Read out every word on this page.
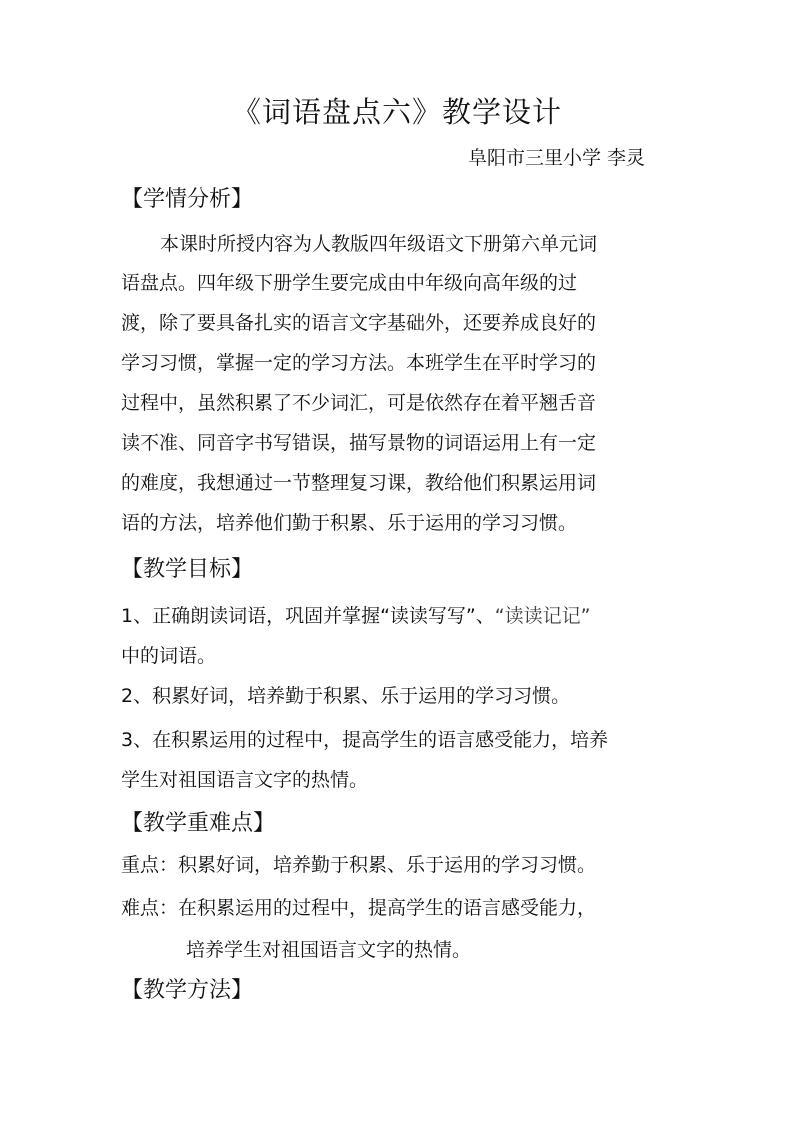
《词语盘点六》教学设计
阜阳市三里小学 李灵
【学情分析】
本课时所授内容为人教版四年级语文下册第六单元词
语盘点。四年级下册学生要完成由中年级向高年级的过
渡，除了要具备扎实的语言文字基础外，还要养成良好的
学习习惯，掌握一定的学习方法。本班学生在平时学习的
过程中，虽然积累了不少词汇，可是依然存在着平翘舌音
读不准、同音字书写错误，描写景物的词语运用上有一定
的难度，我想通过一节整理复习课，教给他们积累运用词
语的方法，培养他们勤于积累、乐于运用的学习习惯。
【教学目标】
1、正确朗读词语，巩固并掌握“读读写写”、“读读记记”
中的词语。
2、积累好词，培养勤于积累、乐于运用的学习习惯。
3、在积累运用的过程中，提高学生的语言感受能力，培养
学生对祖国语言文字的热情。
【教学重难点】
重点：积累好词，培养勤于积累、乐于运用的学习习惯。
难点：在积累运用的过程中，提高学生的语言感受能力，
培养学生对祖国语言文字的热情。
【教学方法】
